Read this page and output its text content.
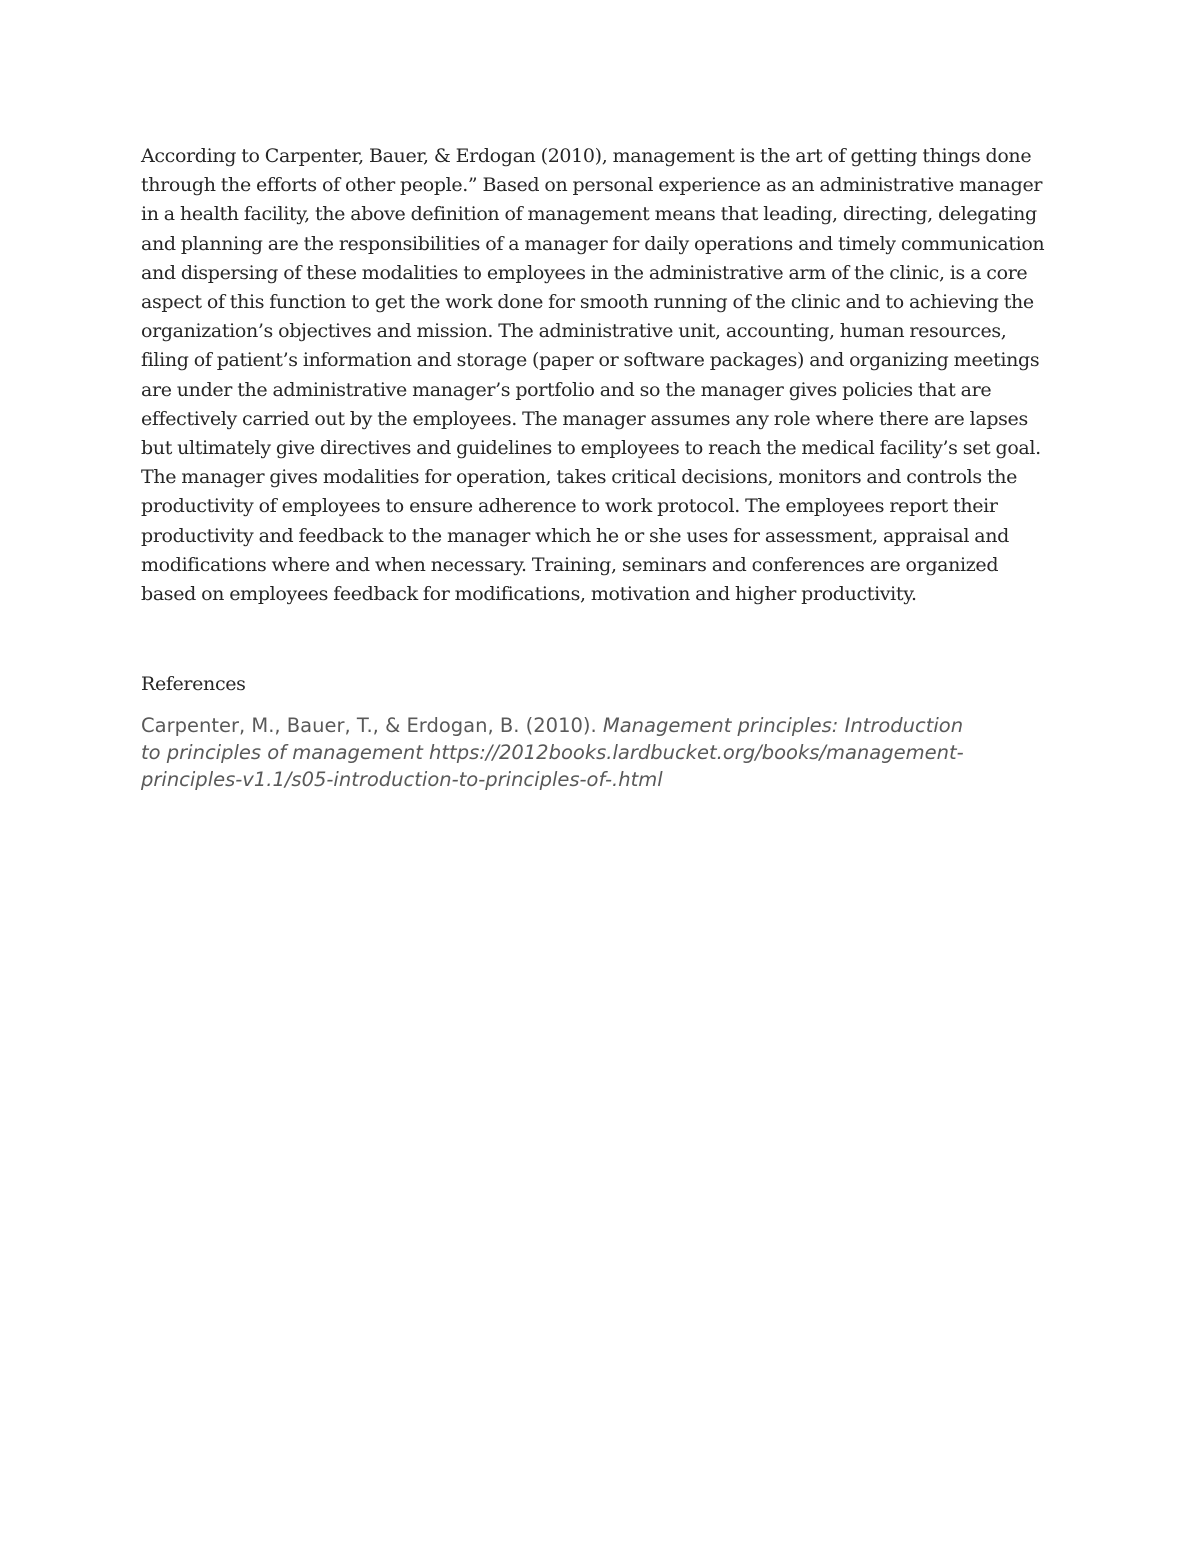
According to Carpenter, Bauer, & Erdogan (2010), management is the art of getting things done
through the efforts of other people.” Based on personal experience as an administrative manager
in a health facility, the above definition of management means that leading, directing, delegating
and planning are the responsibilities of a manager for daily operations and timely communication
and dispersing of these modalities to employees in the administrative arm of the clinic, is a core
aspect of this function to get the work done for smooth running of the clinic and to achieving the
organization’s objectives and mission. The administrative unit, accounting, human resources,
filing of patient’s information and storage (paper or software packages) and organizing meetings
are under the administrative manager’s portfolio and so the manager gives policies that are
effectively carried out by the employees. The manager assumes any role where there are lapses
but ultimately give directives and guidelines to employees to reach the medical facility’s set goal.
The manager gives modalities for operation, takes critical decisions, monitors and controls the
productivity of employees to ensure adherence to work protocol. The employees report their
productivity and feedback to the manager which he or she uses for assessment, appraisal and
modifications where and when necessary. Training, seminars and conferences are organized
based on employees feedback for modifications, motivation and higher productivity.

References

Carpenter, M., Bauer, T., & Erdogan, B. (2010). Management principles: Introduction
to principles of management https://2012books.lardbucket.org/books/management-
principles-v1.1/s05-introduction-to-principles-of-.html
